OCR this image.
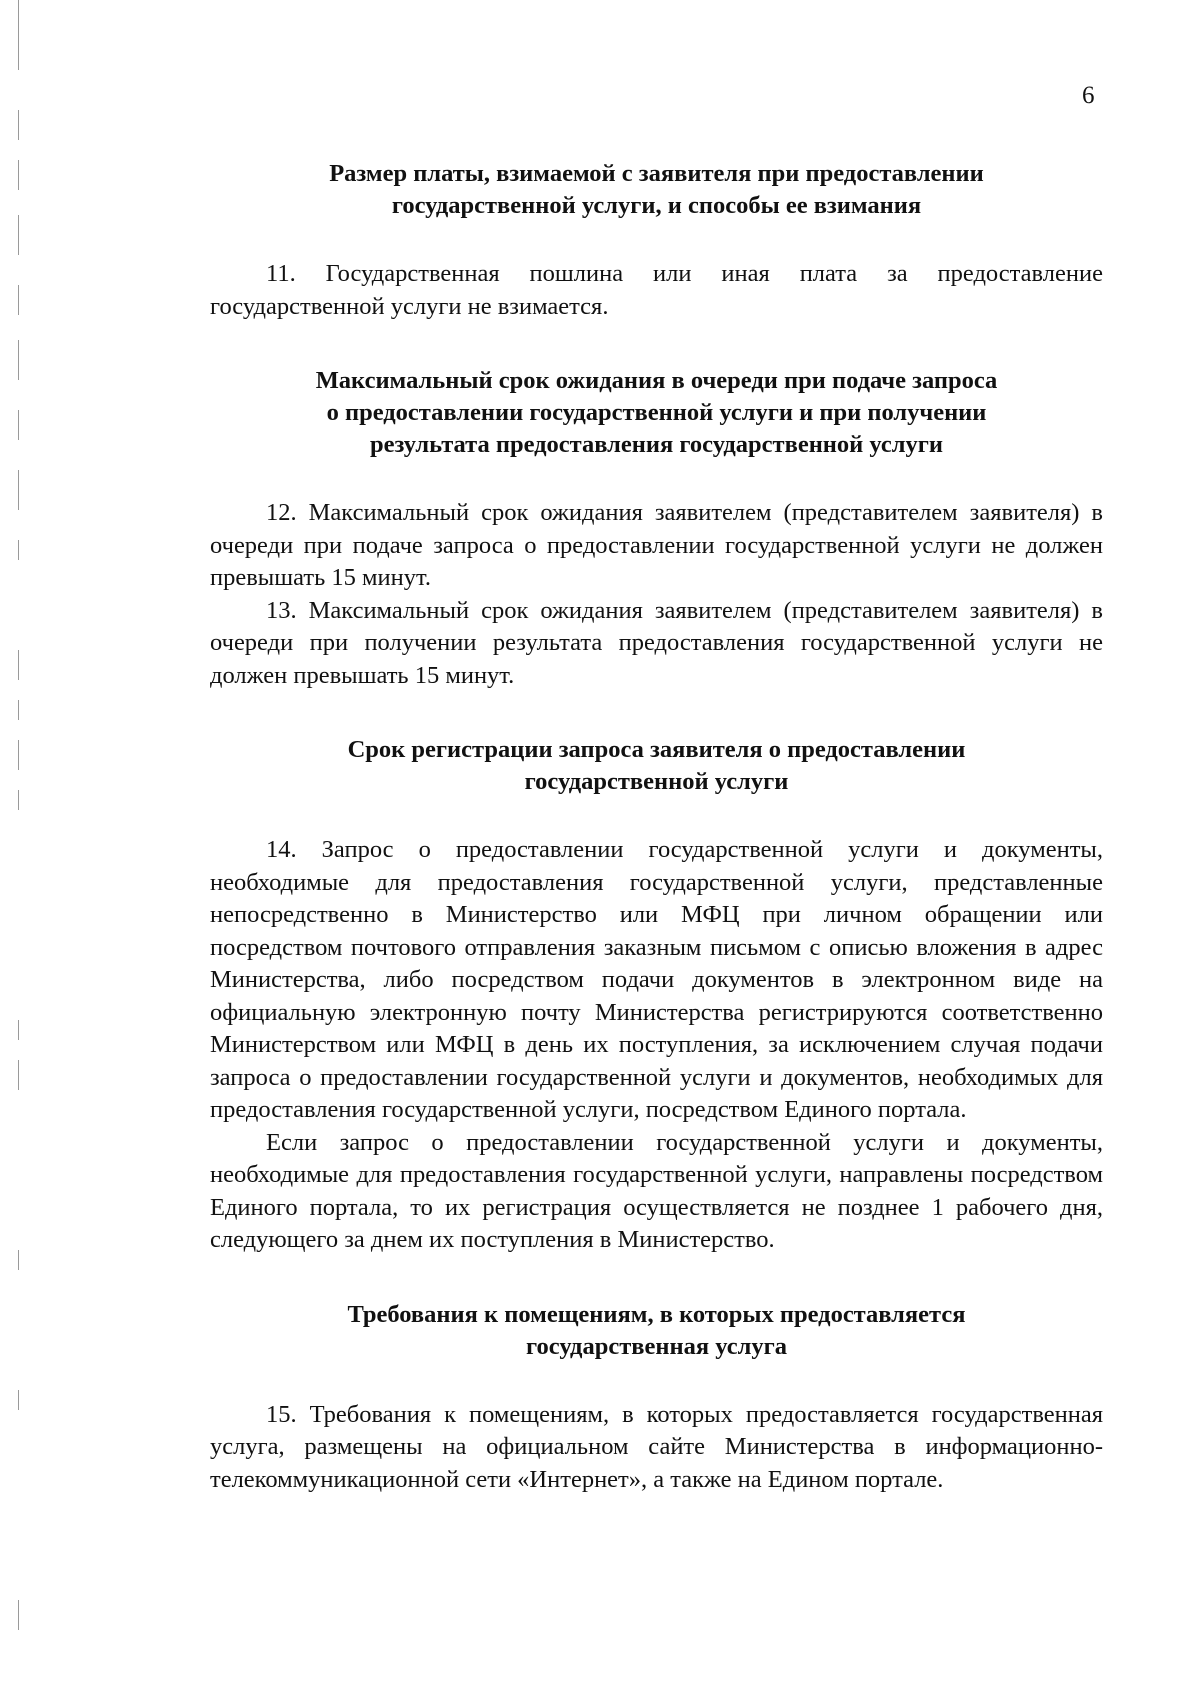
6
Размер платы, взимаемой с заявителя при предоставлении
государственной услуги, и способы ее взимания

11. Государственная пошлина или иная плата за предоставление государственной услуги не взимается.

Максимальный срок ожидания в очереди при подаче запроса
о предоставлении государственной услуги и при получении
результата предоставления государственной услуги

12. Максимальный срок ожидания заявителем (представителем заявителя) в очереди при подаче запроса о предоставлении государственной услуги не должен превышать 15 минут.

13. Максимальный срок ожидания заявителем (представителем заявителя) в очереди при получении результата предоставления государственной услуги не должен превышать 15 минут.

Срок регистрации запроса заявителя о предоставлении
государственной услуги

14. Запрос о предоставлении государственной услуги и документы, необходимые для предоставления государственной услуги, представленные непосредственно в Министерство или МФЦ при личном обращении или посредством почтового отправления заказным письмом с описью вложения в адрес Министерства, либо посредством подачи документов в электронном виде на официальную электронную почту Министерства регистрируются соответственно Министерством или МФЦ в день их поступления, за исключением случая подачи запроса о предоставлении государственной услуги и документов, необходимых для предоставления государственной услуги, посредством Единого портала.

Если запрос о предоставлении государственной услуги и документы, необходимые для предоставления государственной услуги, направлены посредством Единого портала, то их регистрация осуществляется не позднее 1 рабочего дня, следующего за днем их поступления в Министерство.

Требования к помещениям, в которых предоставляется
государственная услуга

15. Требования к помещениям, в которых предоставляется государственная услуга, размещены на официальном сайте Министерства в информационно-телекоммуникационной сети «Интернет», а также на Едином портале.
